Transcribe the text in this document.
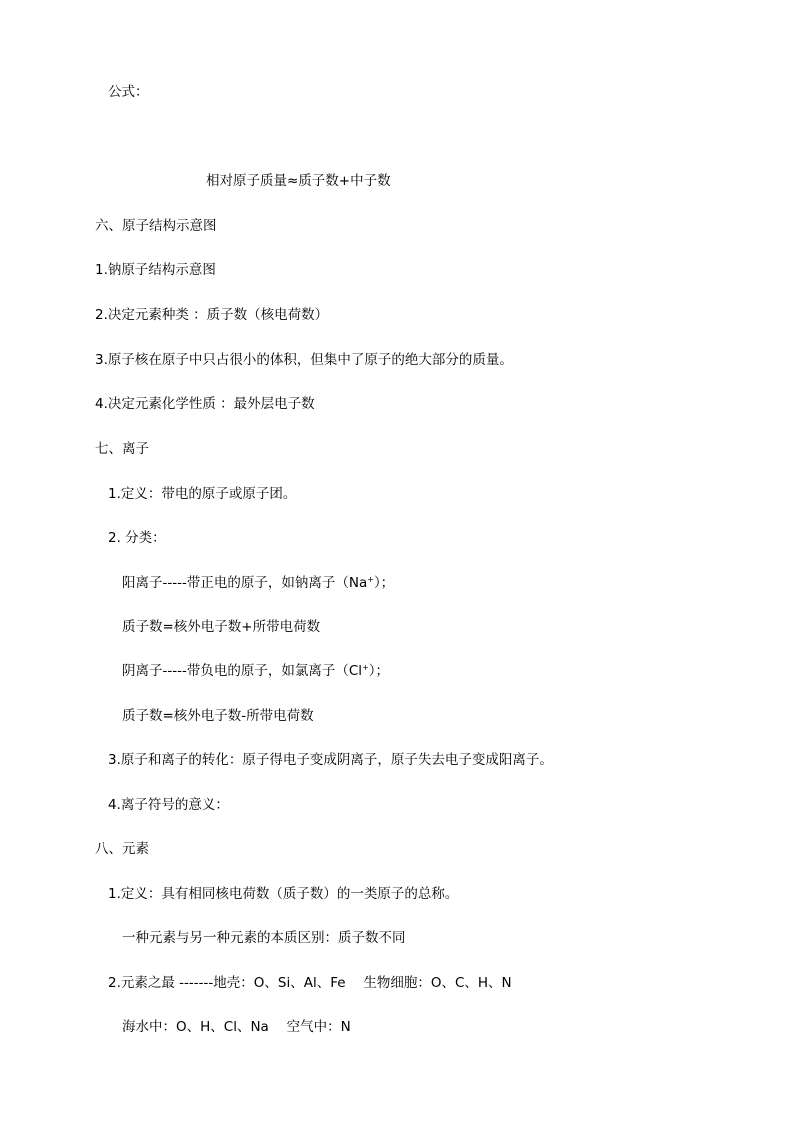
公式：
相对原子质量≈质子数+中子数
六、原子结构示意图
1.钠原子结构示意图
2.决定元素种类 ：质子数（核电荷数）
3.原子核在原子中只占很小的体积，但集中了原子的绝大部分的质量。
4.决定元素化学性质 ：最外层电子数
七、离子
1.定义：带电的原子或原子团。
2. 分类：
阳离子-----带正电的原子，如钠离子（Na+）；
质子数=核外电子数+所带电荷数
阴离子-----带负电的原子，如氯离子（Cl+）；
质子数=核外电子数-所带电荷数
3.原子和离子的转化：原子得电子变成阴离子，原子失去电子变成阳离子。
4.离子符号的意义：
八、元素
1.定义：具有相同核电荷数（质子数）的一类原子的总称。
一种元素与另一种元素的本质区别：质子数不同
2.元素之最 -------地壳：O、Si、Al、Fe　 生物细胞：O、C、H、N
海水中：O、H、Cl、Na　 空气中：N
